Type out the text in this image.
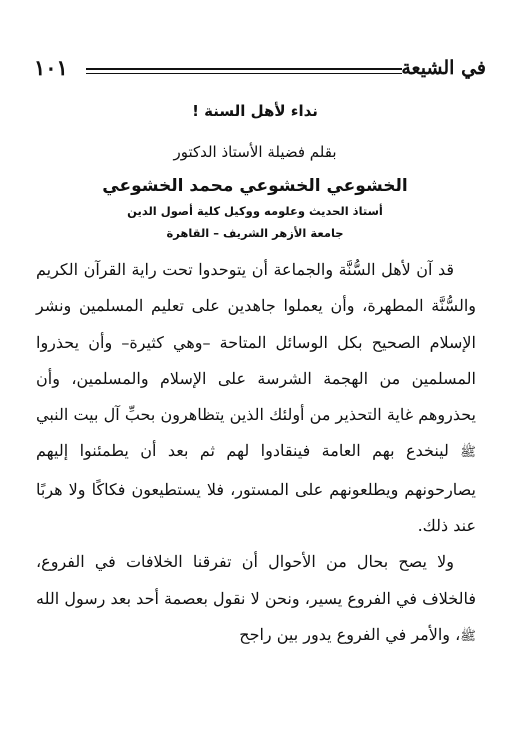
في الشيعة
١٠١

نداء لأهل السنة !

بقلم فضيلة الأستاذ الدكتور

الخشوعي الخشوعي محمد الخشوعي

أستاذ الحديث وعلومه ووكيل كلية أصول الدين

جامعة الأزهر الشريف – القاهرة

قد آن لأهل السُّنَّة والجماعة أن يتوحدوا تحت راية القرآن الكريم والسُّنَّة المطهرة، وأن يعملوا جاهدين على تعليم المسلمين ونشر الإسلام الصحيح بكل الوسائل المتاحة –وهي كثيرة– وأن يحذروا المسلمين من الهجمة الشرسة على الإسلام والمسلمين، وأن يحذروهم غاية التحذير من أولئك الذين يتظاهرون بحبِّ آل بيت النبي ﷺ لينخدع بهم العامة فينقادوا لهم ثم بعد أن يطمئنوا إليهم يصارحونهم ويطلعونهم على المستور، فلا يستطيعون فكاكًا ولا هربًا عند ذلك.

ولا يصح بحال من الأحوال أن تفرقنا الخلافات في الفروع، فالخلاف في الفروع يسير، ونحن لا نقول بعصمة أحد بعد رسول الله ﷺ، والأمر في الفروع يدور بين راجح
